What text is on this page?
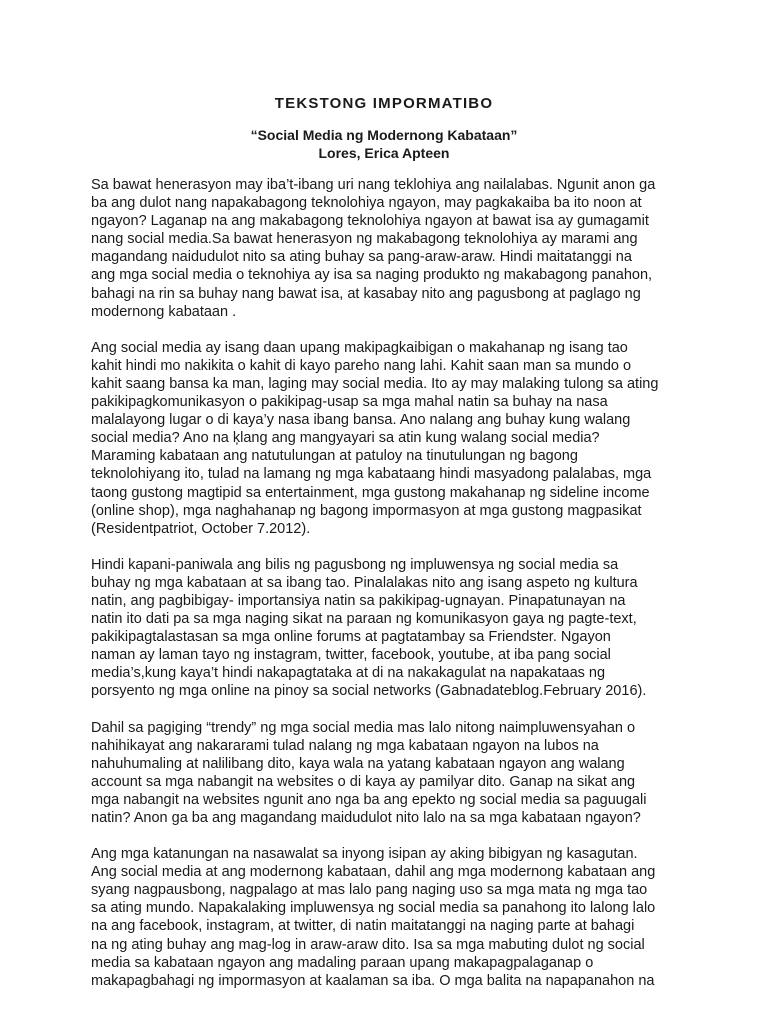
TEKSTONG IMPORMATIBO
“Social Media ng Modernong Kabataan”
Lores, Erica Apteen

Sa bawat henerasyon may iba’t-ibang uri nang teklohiya ang nailalabas. Ngunit anon ga
ba ang dulot nang napakabagong teknolohiya ngayon, may pagkakaiba ba ito noon at
ngayon? Laganap na ang makabagong teknolohiya ngayon at bawat isa ay gumagamit
nang social media.Sa bawat henerasyon ng makabagong teknolohiya ay marami ang
magandang naidudulot nito sa ating buhay sa pang-araw-araw. Hindi maitatanggi na
ang mga social media o teknohiya ay isa sa naging produkto ng makabagong panahon,
bahagi na rin sa buhay nang bawat isa, at kasabay nito ang pagusbong at paglago ng
modernong kabataan .

Ang social media ay isang daan upang makipagkaibigan o makahanap ng isang tao
kahit hindi mo nakikita o kahit di kayo pareho nang lahi. Kahit saan man sa mundo o
kahit saang bansa ka man, laging may social media. Ito ay may malaking tulong sa ating
pakikipagkomunikasyon o pakikipag-usap sa mga mahal natin sa buhay na nasa
malalayong lugar o di kaya’y nasa ibang bansa. Ano nalang ang buhay kung walang
social media? Ano na ķlang ang mangyayari sa atin kung walang social media?
Maraming kabataan ang natutulungan at patuloy na tinutulungan ng bagong
teknolohiyang ito, tulad na lamang ng mga kabataang hindi masyadong palalabas, mga
taong gustong magtipid sa entertainment, mga gustong makahanap ng sideline income
(online shop), mga naghahanap ng bagong impormasyon at mga gustong magpasikat
(Residentpatriot, October 7.2012).

Hindi kapani-paniwala ang bilis ng pagusbong ng impluwensya ng social media sa
buhay ng mga kabataan at sa ibang tao. Pinalalakas nito ang isang aspeto ng kultura
natin, ang pagbibigay- importansiya natin sa pakikipag-ugnayan. Pinapatunayan na
natin ito dati pa sa mga naging sikat na paraan ng komunikasyon gaya ng pagte-text,
pakikipagtalastasan sa mga online forums at pagtatambay sa Friendster. Ngayon
naman ay laman tayo ng instagram, twitter, facebook, youtube, at iba pang social
media’s,kung kaya’t hindi nakapagtataka at di na nakakagulat na napakataas ng
porsyento ng mga online na pinoy sa social networks (Gabnadateblog.February 2016).

Dahil sa pagiging “trendy” ng mga social media mas lalo nitong naimpluwensyahan o
nahihikayat ang nakararami tulad nalang ng mga kabataan ngayon na lubos na
nahuhumaling at nalilibang dito, kaya wala na yatang kabataan ngayon ang walang
account sa mga nabangit na websites o di kaya ay pamilyar dito. Ganap na sikat ang
mga nabangit na websites ngunit ano nga ba ang epekto ng social media sa paguugali
natin? Anon ga ba ang magandang maidudulot nito lalo na sa mga kabataan ngayon?

Ang mga katanungan na nasawalat sa inyong isipan ay aking bibigyan ng kasagutan.
Ang social media at ang modernong kabataan, dahil ang mga modernong kabataan ang
syang nagpausbong, nagpalago at mas lalo pang naging uso sa mga mata ng mga tao
sa ating mundo. Napakalaking impluwensya ng social media sa panahong ito lalong lalo
na ang facebook, instagram, at twitter, di natin maitatanggi na naging parte at bahagi
na ng ating buhay ang mag-log in araw-araw dito. Isa sa mga mabuting dulot ng social
media sa kabataan ngayon ang madaling paraan upang makapagpalaganap o
makapagbahagi ng impormasyon at kaalaman sa iba. O mga balita na napapanahon na
